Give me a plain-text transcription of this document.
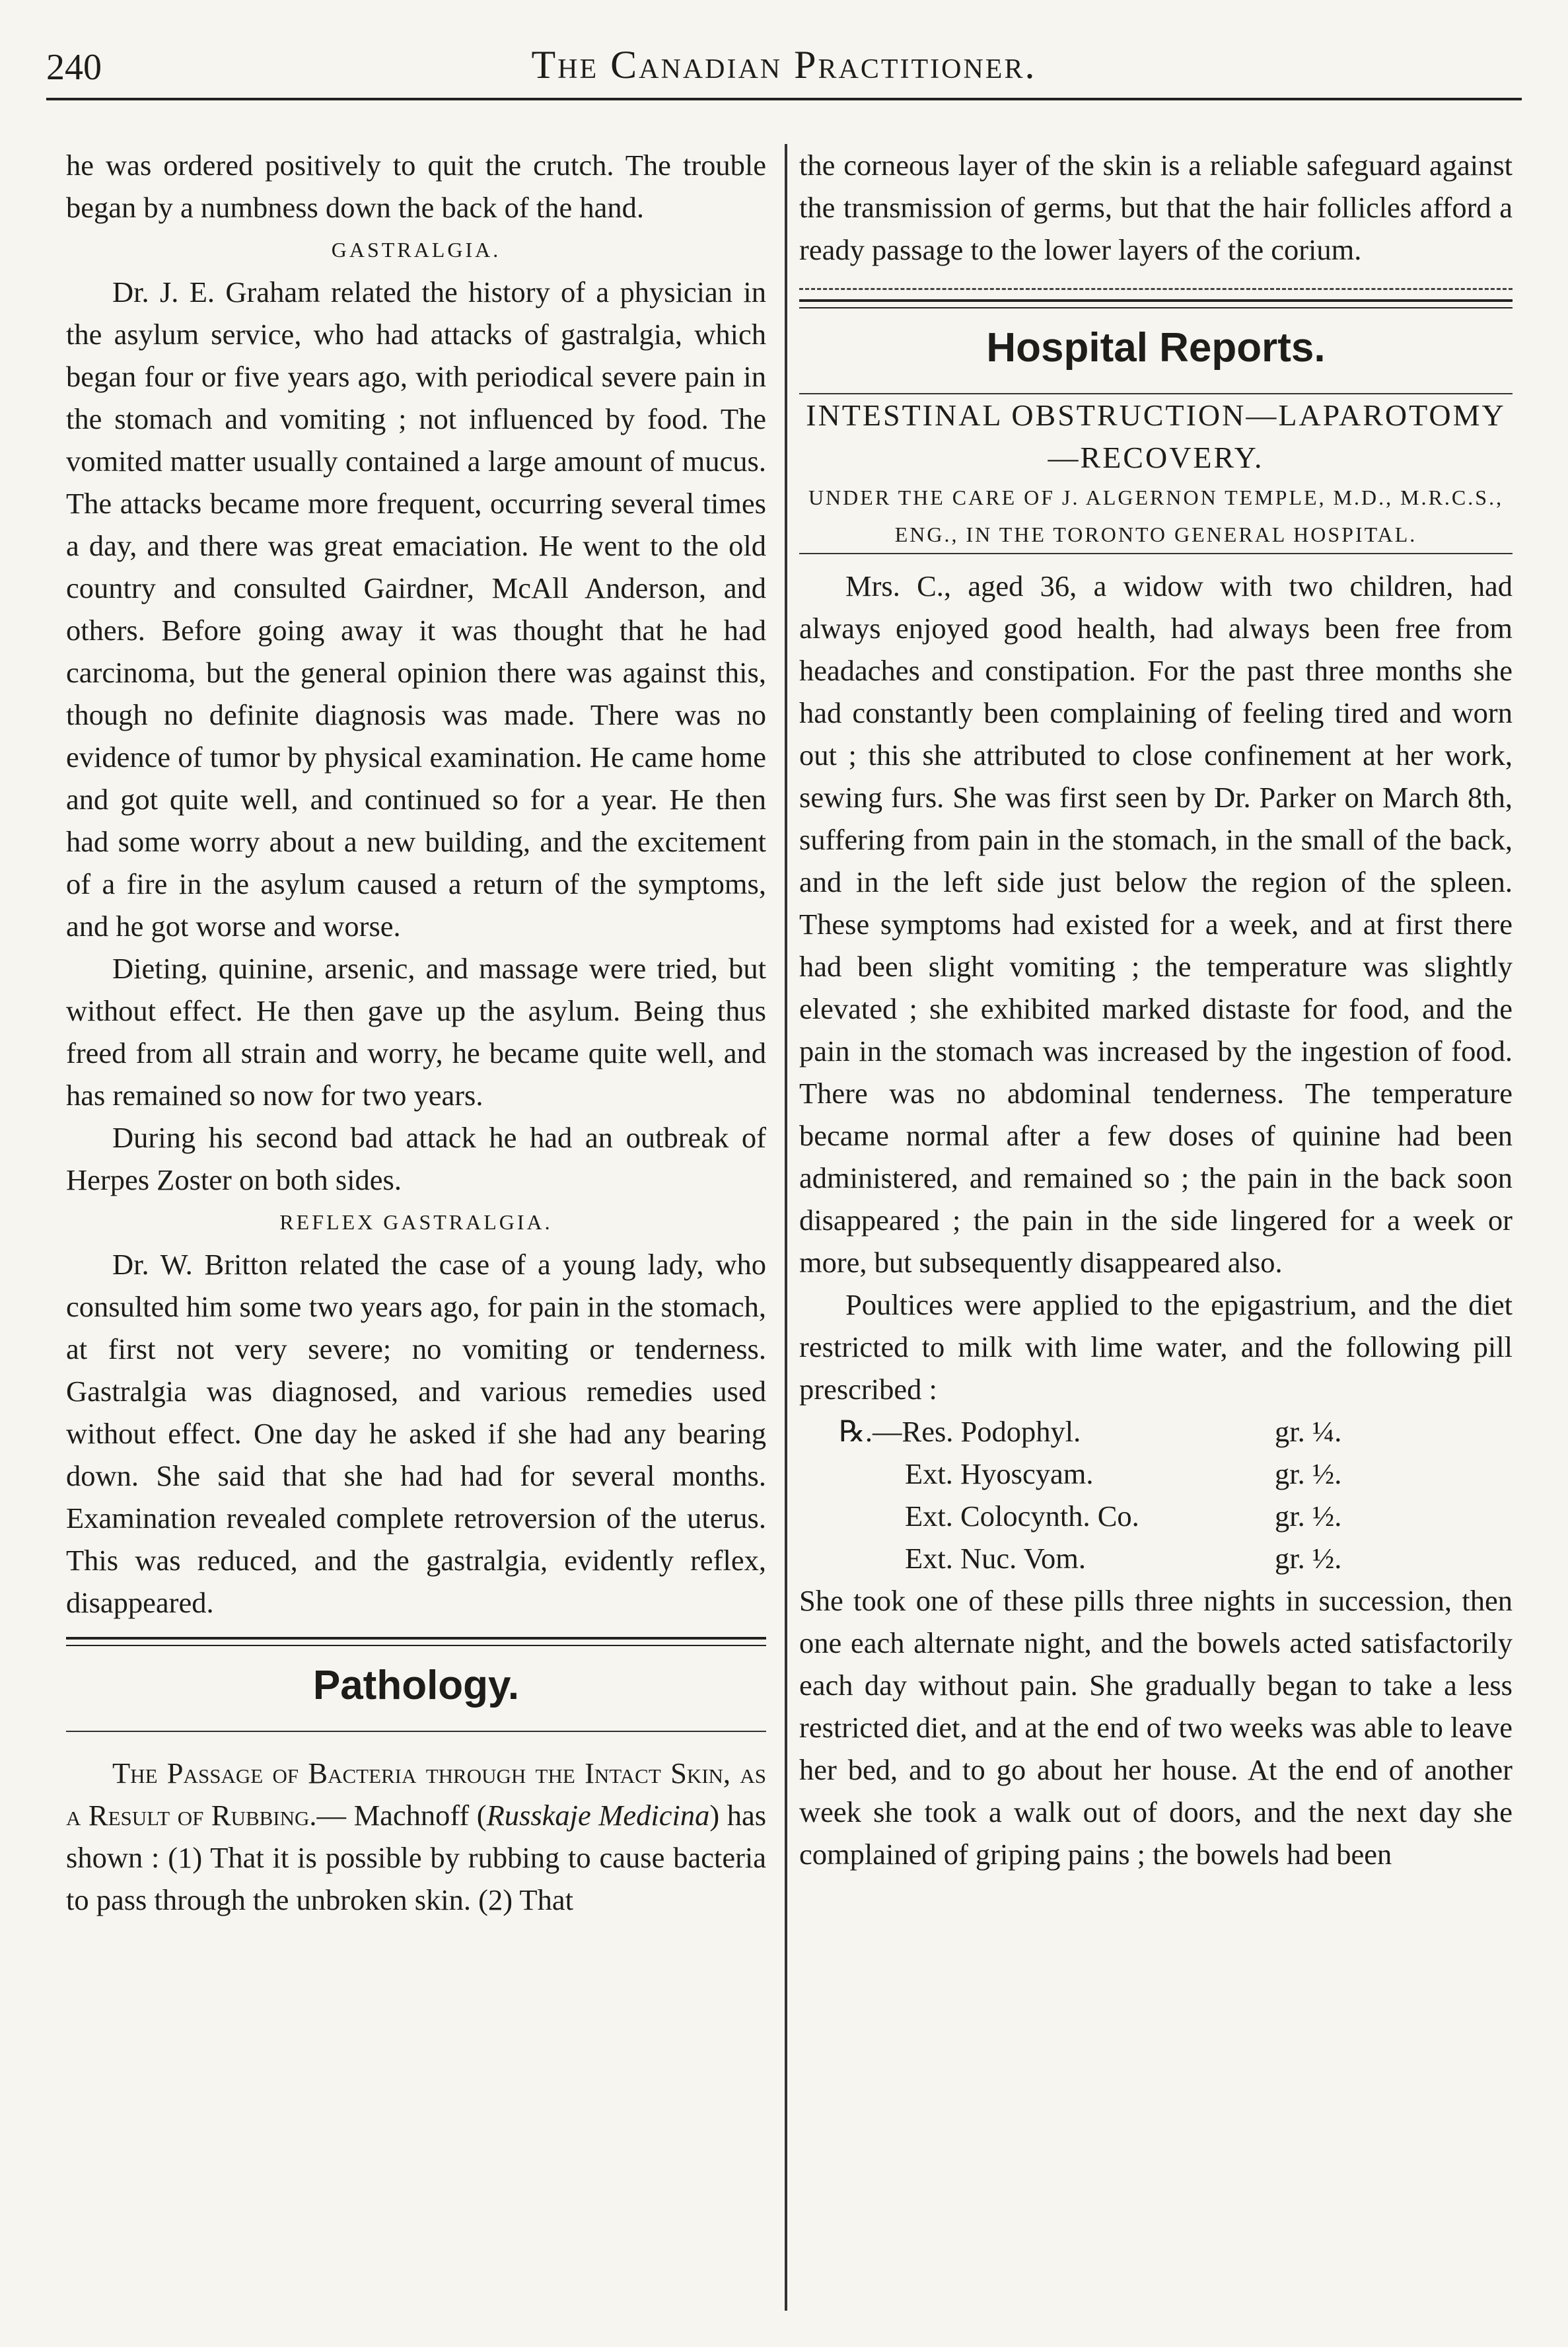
240	The Canadian Practitioner.

he was ordered positively to quit the crutch. The trouble began by a numbness down the back of the hand.

GASTRALGIA.

Dr. J. E. Graham related the history of a physician in the asylum service, who had attacks of gastralgia, which began four or five years ago, with periodical severe pain in the stomach and vomiting ; not influenced by food. The vomited matter usually contained a large amount of mucus. The attacks became more frequent, occurring several times a day, and there was great emaciation. He went to the old country and consulted Gairdner, McAll Anderson, and others. Before going away it was thought that he had carcinoma, but the general opinion there was against this, though no definite diagnosis was made. There was no evidence of tumor by physical examination. He came home and got quite well, and continued so for a year. He then had some worry about a new building, and the excitement of a fire in the asylum caused a return of the symptoms, and he got worse and worse.

Dieting, quinine, arsenic, and massage were tried, but without effect. He then gave up the asylum. Being thus freed from all strain and worry, he became quite well, and has remained so now for two years.

During his second bad attack he had an outbreak of Herpes Zoster on both sides.

REFLEX GASTRALGIA.

Dr. W. Britton related the case of a young lady, who consulted him some two years ago, for pain in the stomach, at first not very severe; no vomiting or tenderness. Gastralgia was diagnosed, and various remedies used without effect. One day he asked if she had any bearing down. She said that she had had for several months. Examination revealed complete retroversion of the uterus. This was reduced, and the gastralgia, evidently reflex, disappeared.

Pathology.

The Passage of Bacteria through the Intact Skin, as a Result of Rubbing.— Machnoff (Russkaje Medicina) has shown : (1) That it is possible by rubbing to cause bacteria to pass through the unbroken skin. (2) That

the corneous layer of the skin is a reliable safeguard against the transmission of germs, but that the hair follicles afford a ready passage to the lower layers of the corium.

Hospital Reports.

INTESTINAL OBSTRUCTION—LAPAROTOMY—RECOVERY.

UNDER THE CARE OF J. ALGERNON TEMPLE, M.D., M.R.C.S., ENG., IN THE TORONTO GENERAL HOSPITAL.

Mrs. C., aged 36, a widow with two children, had always enjoyed good health, had always been free from headaches and constipation. For the past three months she had constantly been complaining of feeling tired and worn out ; this she attributed to close confinement at her work, sewing furs. She was first seen by Dr. Parker on March 8th, suffering from pain in the stomach, in the small of the back, and in the left side just below the region of the spleen. These symptoms had existed for a week, and at first there had been slight vomiting ; the temperature was slightly elevated ; she exhibited marked distaste for food, and the pain in the stomach was increased by the ingestion of food. There was no abdominal tenderness. The temperature became normal after a few doses of quinine had been administered, and remained so ; the pain in the back soon disappeared ; the pain in the side lingered for a week or more, but subsequently disappeared also.

Poultices were applied to the epigastrium, and the diet restricted to milk with lime water, and the following pill prescribed :

℞.—Res. Podophyl.	gr. ¼.
Ext. Hyoscyam.	gr. ½.
Ext. Colocynth. Co.	gr. ½.
Ext. Nuc. Vom.	gr. ½.

She took one of these pills three nights in succession, then one each alternate night, and the bowels acted satisfactorily each day without pain. She gradually began to take a less restricted diet, and at the end of two weeks was able to leave her bed, and to go about her house. At the end of another week she took a walk out of doors, and the next day she complained of griping pains ; the bowels had been
